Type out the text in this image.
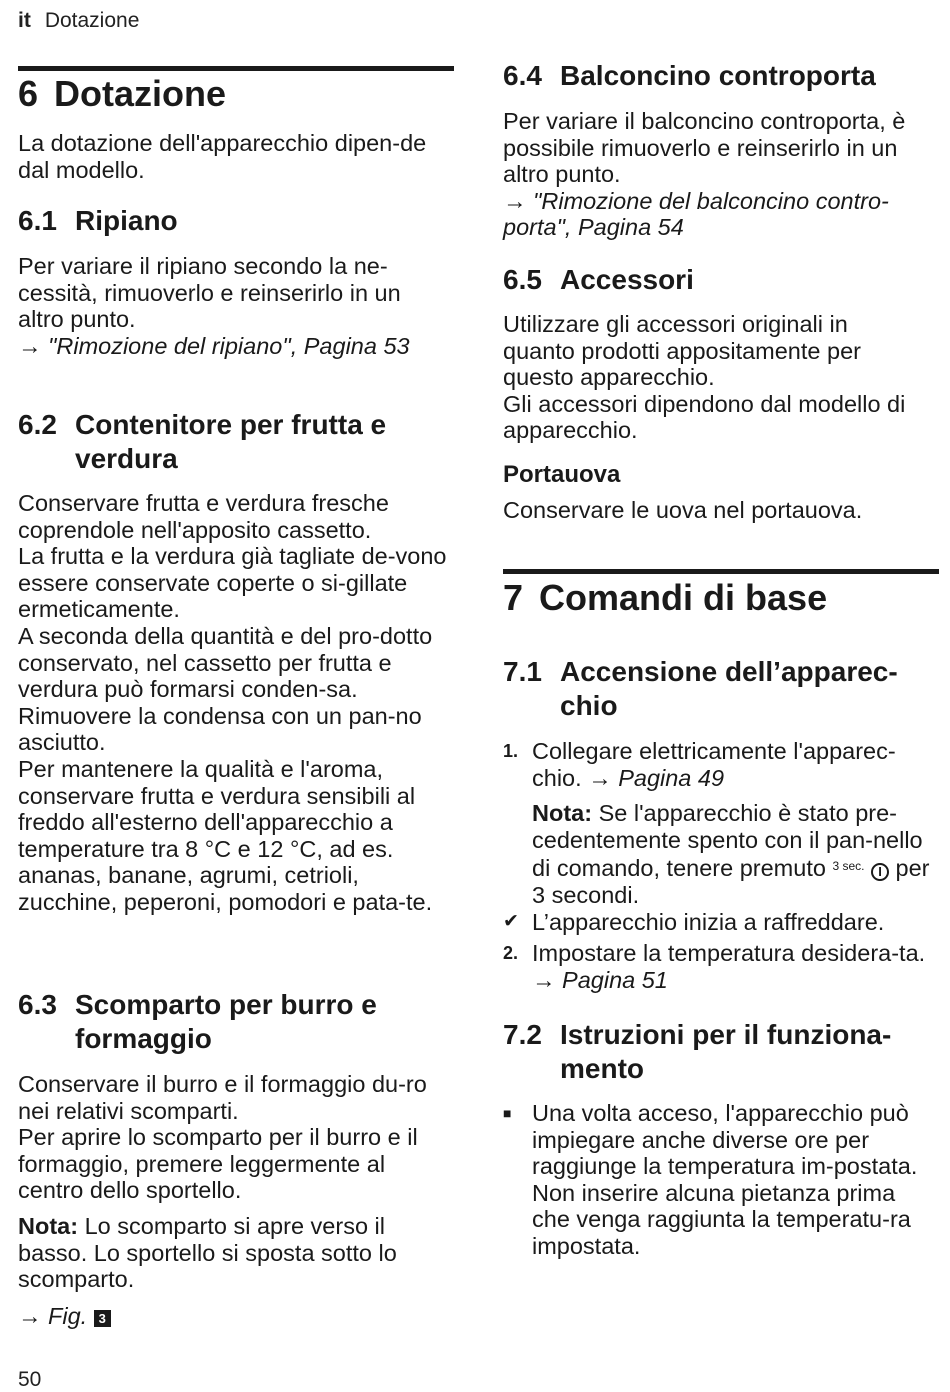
it Dotazione
6 Dotazione

La dotazione dell'apparecchio dipen-de dal modello.

6.1 Ripiano

Per variare il ripiano secondo la ne-cessità, rimuoverlo e reinserirlo in un altro punto.

→ "Rimozione del ripiano", Pagina 53

6.2 Contenitore per frutta e verdura

Conservare frutta e verdura fresche coprendole nell'apposito cassetto.

La frutta e la verdura già tagliate de-vono essere conservate coperte o si-gillate ermeticamente.

A seconda della quantità e del pro-dotto conservato, nel cassetto per frutta e verdura può formarsi conden-sa.

Rimuovere la condensa con un pan-no asciutto.

Per mantenere la qualità e l'aroma, conservare frutta e verdura sensibili al freddo all'esterno dell'apparecchio a temperature tra 8 °C e 12 °C, ad es. ananas, banane, agrumi, cetrioli, zucchine, peperoni, pomodori e pata-te.

6.3 Scomparto per burro e formaggio

Conservare il burro e il formaggio du-ro nei relativi scomparti.

Per aprire lo scomparto per il burro e il formaggio, premere leggermente al centro dello sportello.

Nota: Lo scomparto si apre verso il basso. Lo sportello si sposta sotto lo scomparto.

→ Fig. 3

6.4 Balconcino controporta

Per variare il balconcino controporta, è possibile rimuoverlo e reinserirlo in un altro punto.

→ "Rimozione del balconcino contro-porta", Pagina 54

6.5 Accessori

Utilizzare gli accessori originali in quanto prodotti appositamente per questo apparecchio.

Gli accessori dipendono dal modello di apparecchio.

Portauova

Conservare le uova nel portauova.

7 Comandi di base
7.1 Accensione dell’apparec-chio
1. Collegare elettricamente l'apparec-chio. → Pagina 49

Nota: Se l'apparecchio è stato pre-cedentemente spento con il pan-nello di comando, tenere premuto $^{3 sec.}$ I per 3 secondi.

✔ L’apparecchio inizia a raffreddare.

2. Impostare la temperatura desidera-ta. → Pagina 51

7.2 Istruzioni per il funziona-mento
■ Una volta acceso, l'apparecchio può impiegare anche diverse ore per raggiunge la temperatura im-postata.

Non inserire alcuna pietanza prima che venga raggiunta la temperatu-ra impostata.

50
